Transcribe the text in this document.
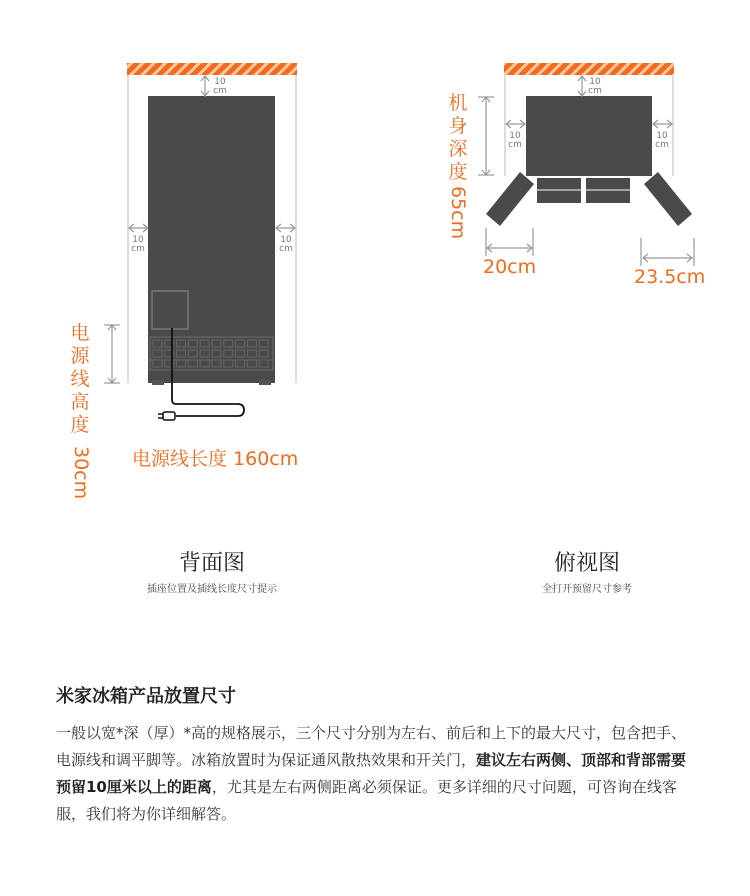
10
cm
10
cm
10
cm
电源线高度
30cm 电源线长度 160cm
背面图
插座位置及插线长度尺寸提示
10
cm
10
cm
10
cm
机身深度
65cm
20cm	23.5cm
俯视图
全打开预留尺寸参考
米家冰箱产品放置尺寸
一般以宽*深（厚）*高的规格展示，三个尺寸分别为左右、前后和上下的最大尺寸，包含把手、电源线和调平脚等。冰箱放置时为保证通风散热效果和开关门，建议左右两侧、顶部和背部需要预留10厘米以上的距离，尤其是左右两侧距离必须保证。更多详细的尺寸问题，可咨询在线客服，我们将为你详细解答。
